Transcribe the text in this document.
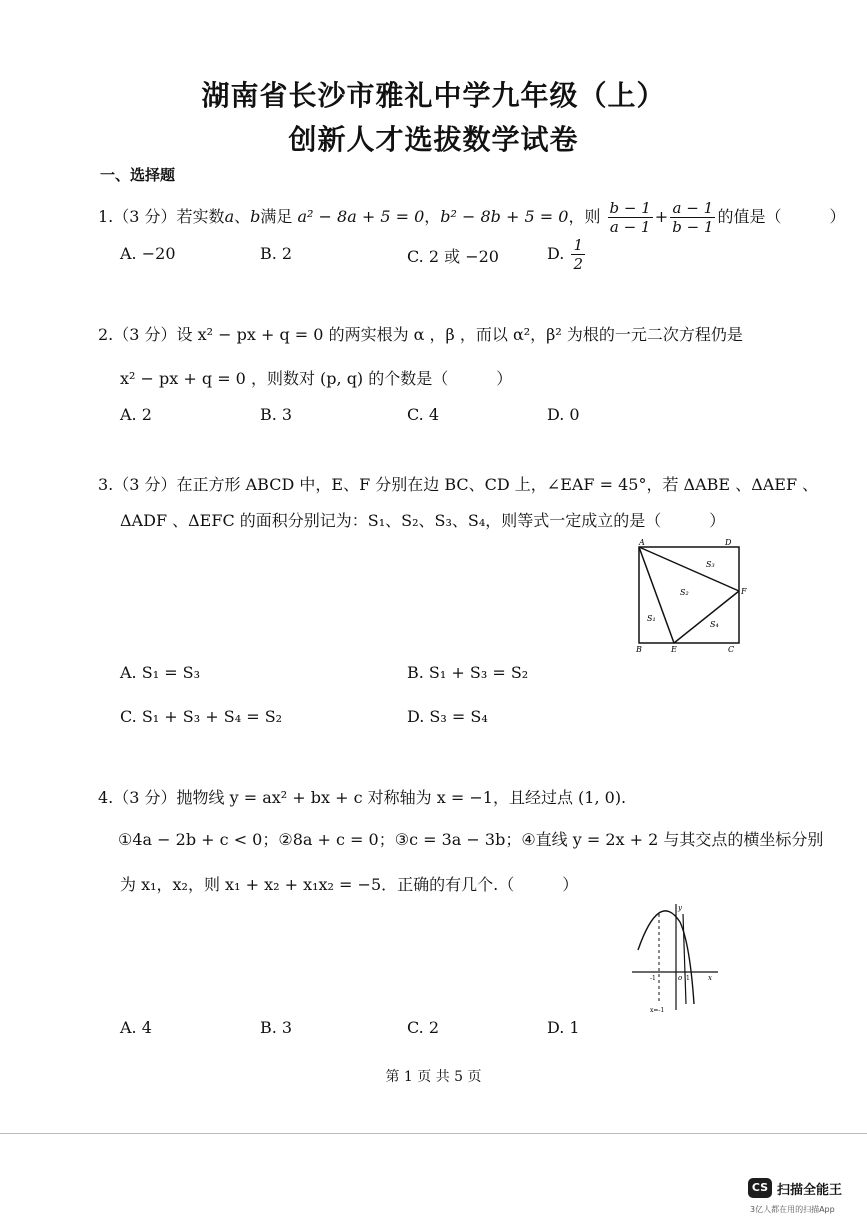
湖南省长沙市雅礼中学九年级（上）
创新人才选拔数学试卷
一、选择题
1.（3 分）若实数a、b满足 a² − 8a + 5 = 0，b² − 8b + 5 = 0，则 $\frac{b - 1}{a - 1} + \frac{a - 1}{b - 1}$ 的值是（　　　）
A. −20	B. 2	C. 2 或 −20	D. $\frac{1}{2}$
2.（3 分）设 x² − px + q = 0 的两实根为 α ，β ，而以 α²，β² 为根的一元二次方程仍是
x² − px + q = 0 ，则数对 (p, q) 的个数是（　　　）
A. 2	B. 3	C. 4	D. 0
3.（3 分）在正方形 ABCD 中，E、F 分别在边 BC、CD 上，∠EAF = 45°，若 ΔABE 、ΔAEF 、
ΔADF 、ΔEFC 的面积分别记为：S₁、S₂、S₃、S₄，则等式一定成立的是（　　　）
A	D
B	E	C
F
S₁
S₂
S₃
S₄
A. S₁ = S₃	B. S₁ + S₃ = S₂
C. S₁ + S₃ + S₄ = S₂	D. S₃ = S₄
4.（3 分）抛物线 y = ax² + bx + c 对称轴为 x = −1，且经过点 (1, 0).
①4a − 2b + c < 0；②8a + c = 0；③c = 3a − 3b；④直线 y = 2x + 2 与其交点的横坐标分别
为 x₁，x₂，则 x₁ + x₂ + x₁x₂ = −5．正确的有几个.（　　　）
y
o	x
-1	1
x=-1
A. 4	B. 3	C. 2	D. 1
第 1 页 共 5 页
CS 扫描全能王
3亿人都在用的扫描App
